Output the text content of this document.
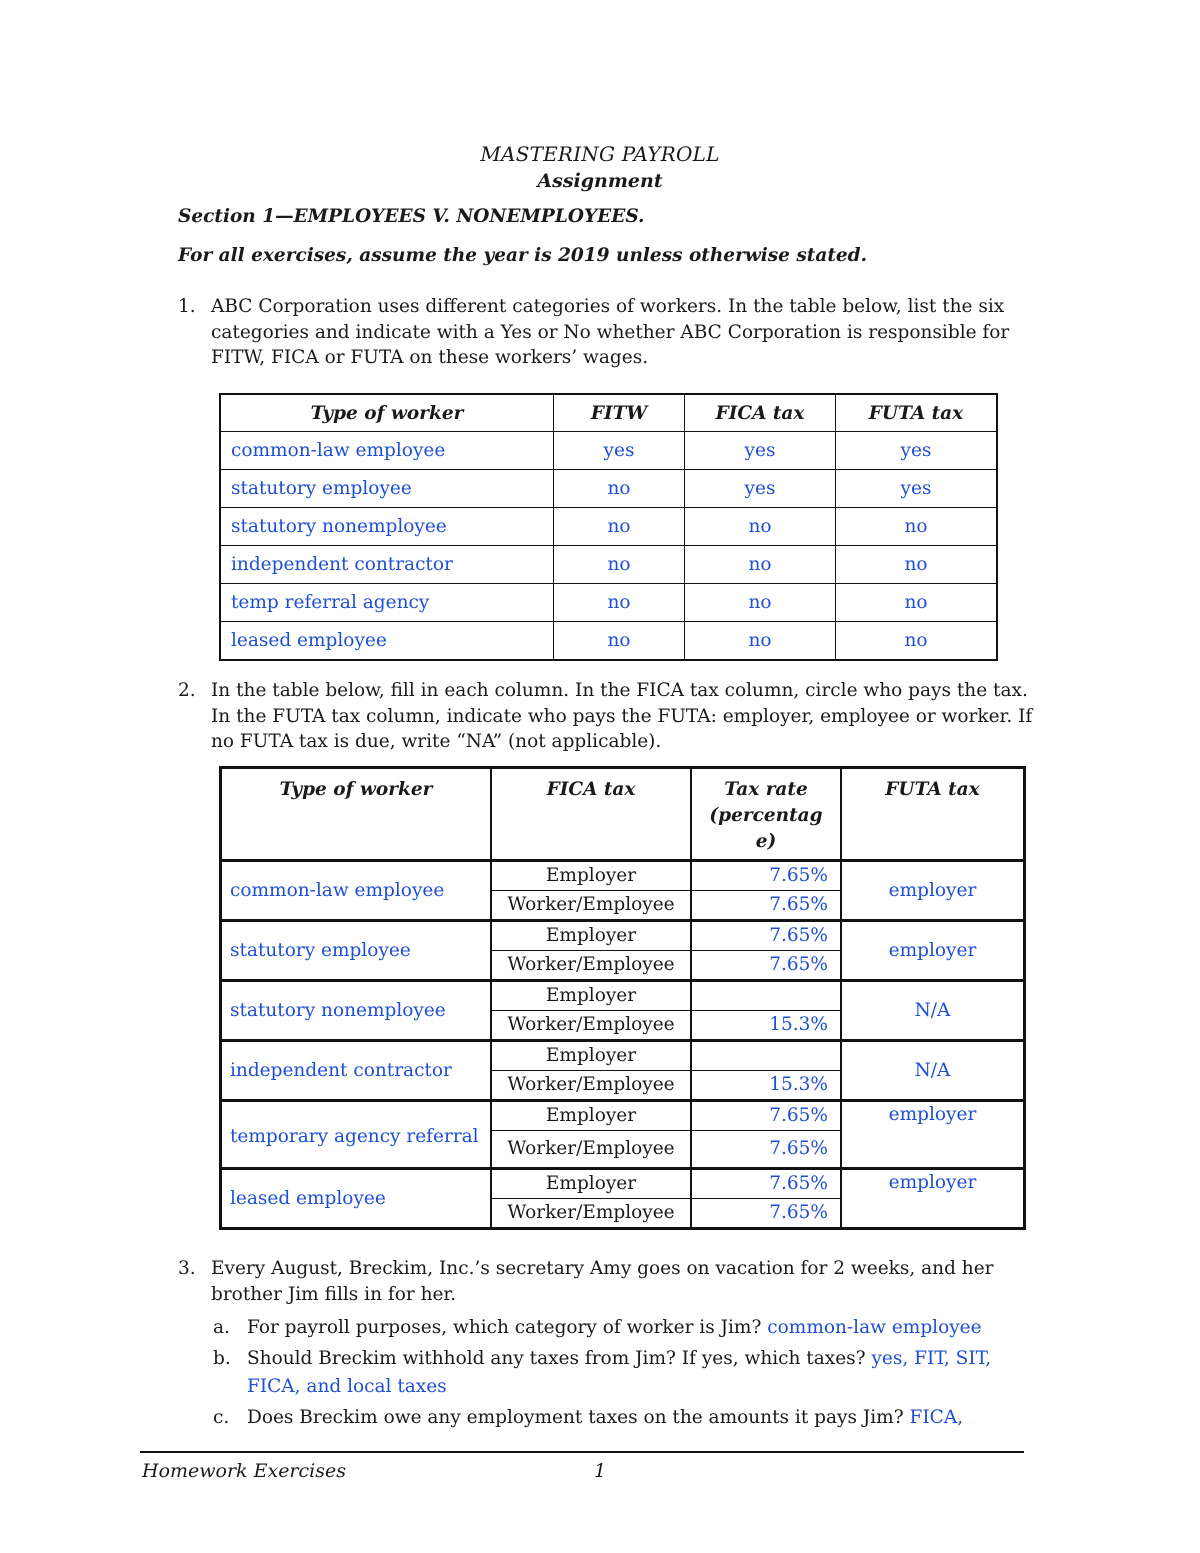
MASTERING PAYROLL
Assignment
Section 1—EMPLOYEES V. NONEMPLOYEES.
For all exercises, assume the year is 2019 unless otherwise stated.
1. ABC Corporation uses different categories of workers. In the table below, list the six categories and indicate with a Yes or No whether ABC Corporation is responsible for FITW, FICA or FUTA on these workers’ wages.
Type of worker	FITW	FICA tax	FUTA tax
common-law employee	yes	yes	yes
statutory employee	no	yes	yes
statutory nonemployee	no	no	no
independent contractor	no	no	no
temp referral agency	no	no	no
leased employee	no	no	no
2. In the table below, fill in each column. In the FICA tax column, circle who pays the tax. In the FUTA tax column, indicate who pays the FUTA: employer, employee or worker. If no FUTA tax is due, write “NA” (not applicable).
Type of worker	FICA tax	Tax rate (percentag e)	FUTA tax
common-law employee	Employer	7.65%	employer
	Worker/Employee	7.65%	
statutory employee	Employer	7.65%	employer
	Worker/Employee	7.65%	
statutory nonemployee	Employer		N/A
	Worker/Employee	15.3%	
independent contractor	Employer		N/A
	Worker/Employee	15.3%	
temporary agency referral	Employer	7.65%	employer
	Worker/Employee	7.65%	
leased employee	Employer	7.65%	employer
	Worker/Employee	7.65%	
3. Every August, Breckim, Inc.’s secretary Amy goes on vacation for 2 weeks, and her brother Jim fills in for her.
a. For payroll purposes, which category of worker is Jim? common-law employee
b. Should Breckim withhold any taxes from Jim? If yes, which taxes? yes, FIT, SIT, FICA, and local taxes
c. Does Breckim owe any employment taxes on the amounts it pays Jim? FICA,
Homework Exercises	1
